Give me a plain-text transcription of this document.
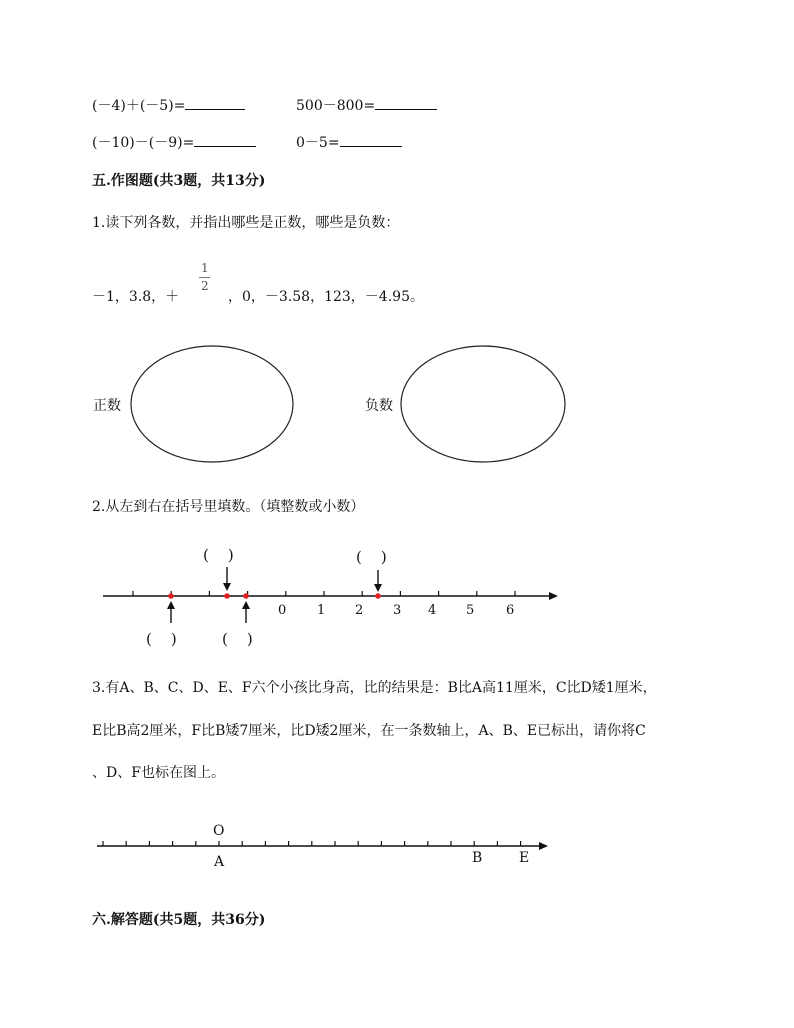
(－4)＋(－5)=	500－800=
(－10)－(－9)=	0－5=
五.作图题(共3题，共13分)
1.读下列各数，并指出哪些是正数，哪些是负数：
－1，3.8，＋
1
2
，0，－3.58，123，－4.95。
正数	负数
2.从左到右在括号里填数。（填整数或小数）
(    )	(    )
(    )	(    )
0 1 2 3 4 5 6
3.有A、B、C、D、E、F六个小孩比身高，比的结果是：B比A高11厘米，C比D矮1厘米，
E比B高2厘米，F比B矮7厘米，比D矮2厘米，在一条数轴上，A、B、E已标出，请你将C
、D、F也标在图上。
O
A	B	E
六.解答题(共5题，共36分)
